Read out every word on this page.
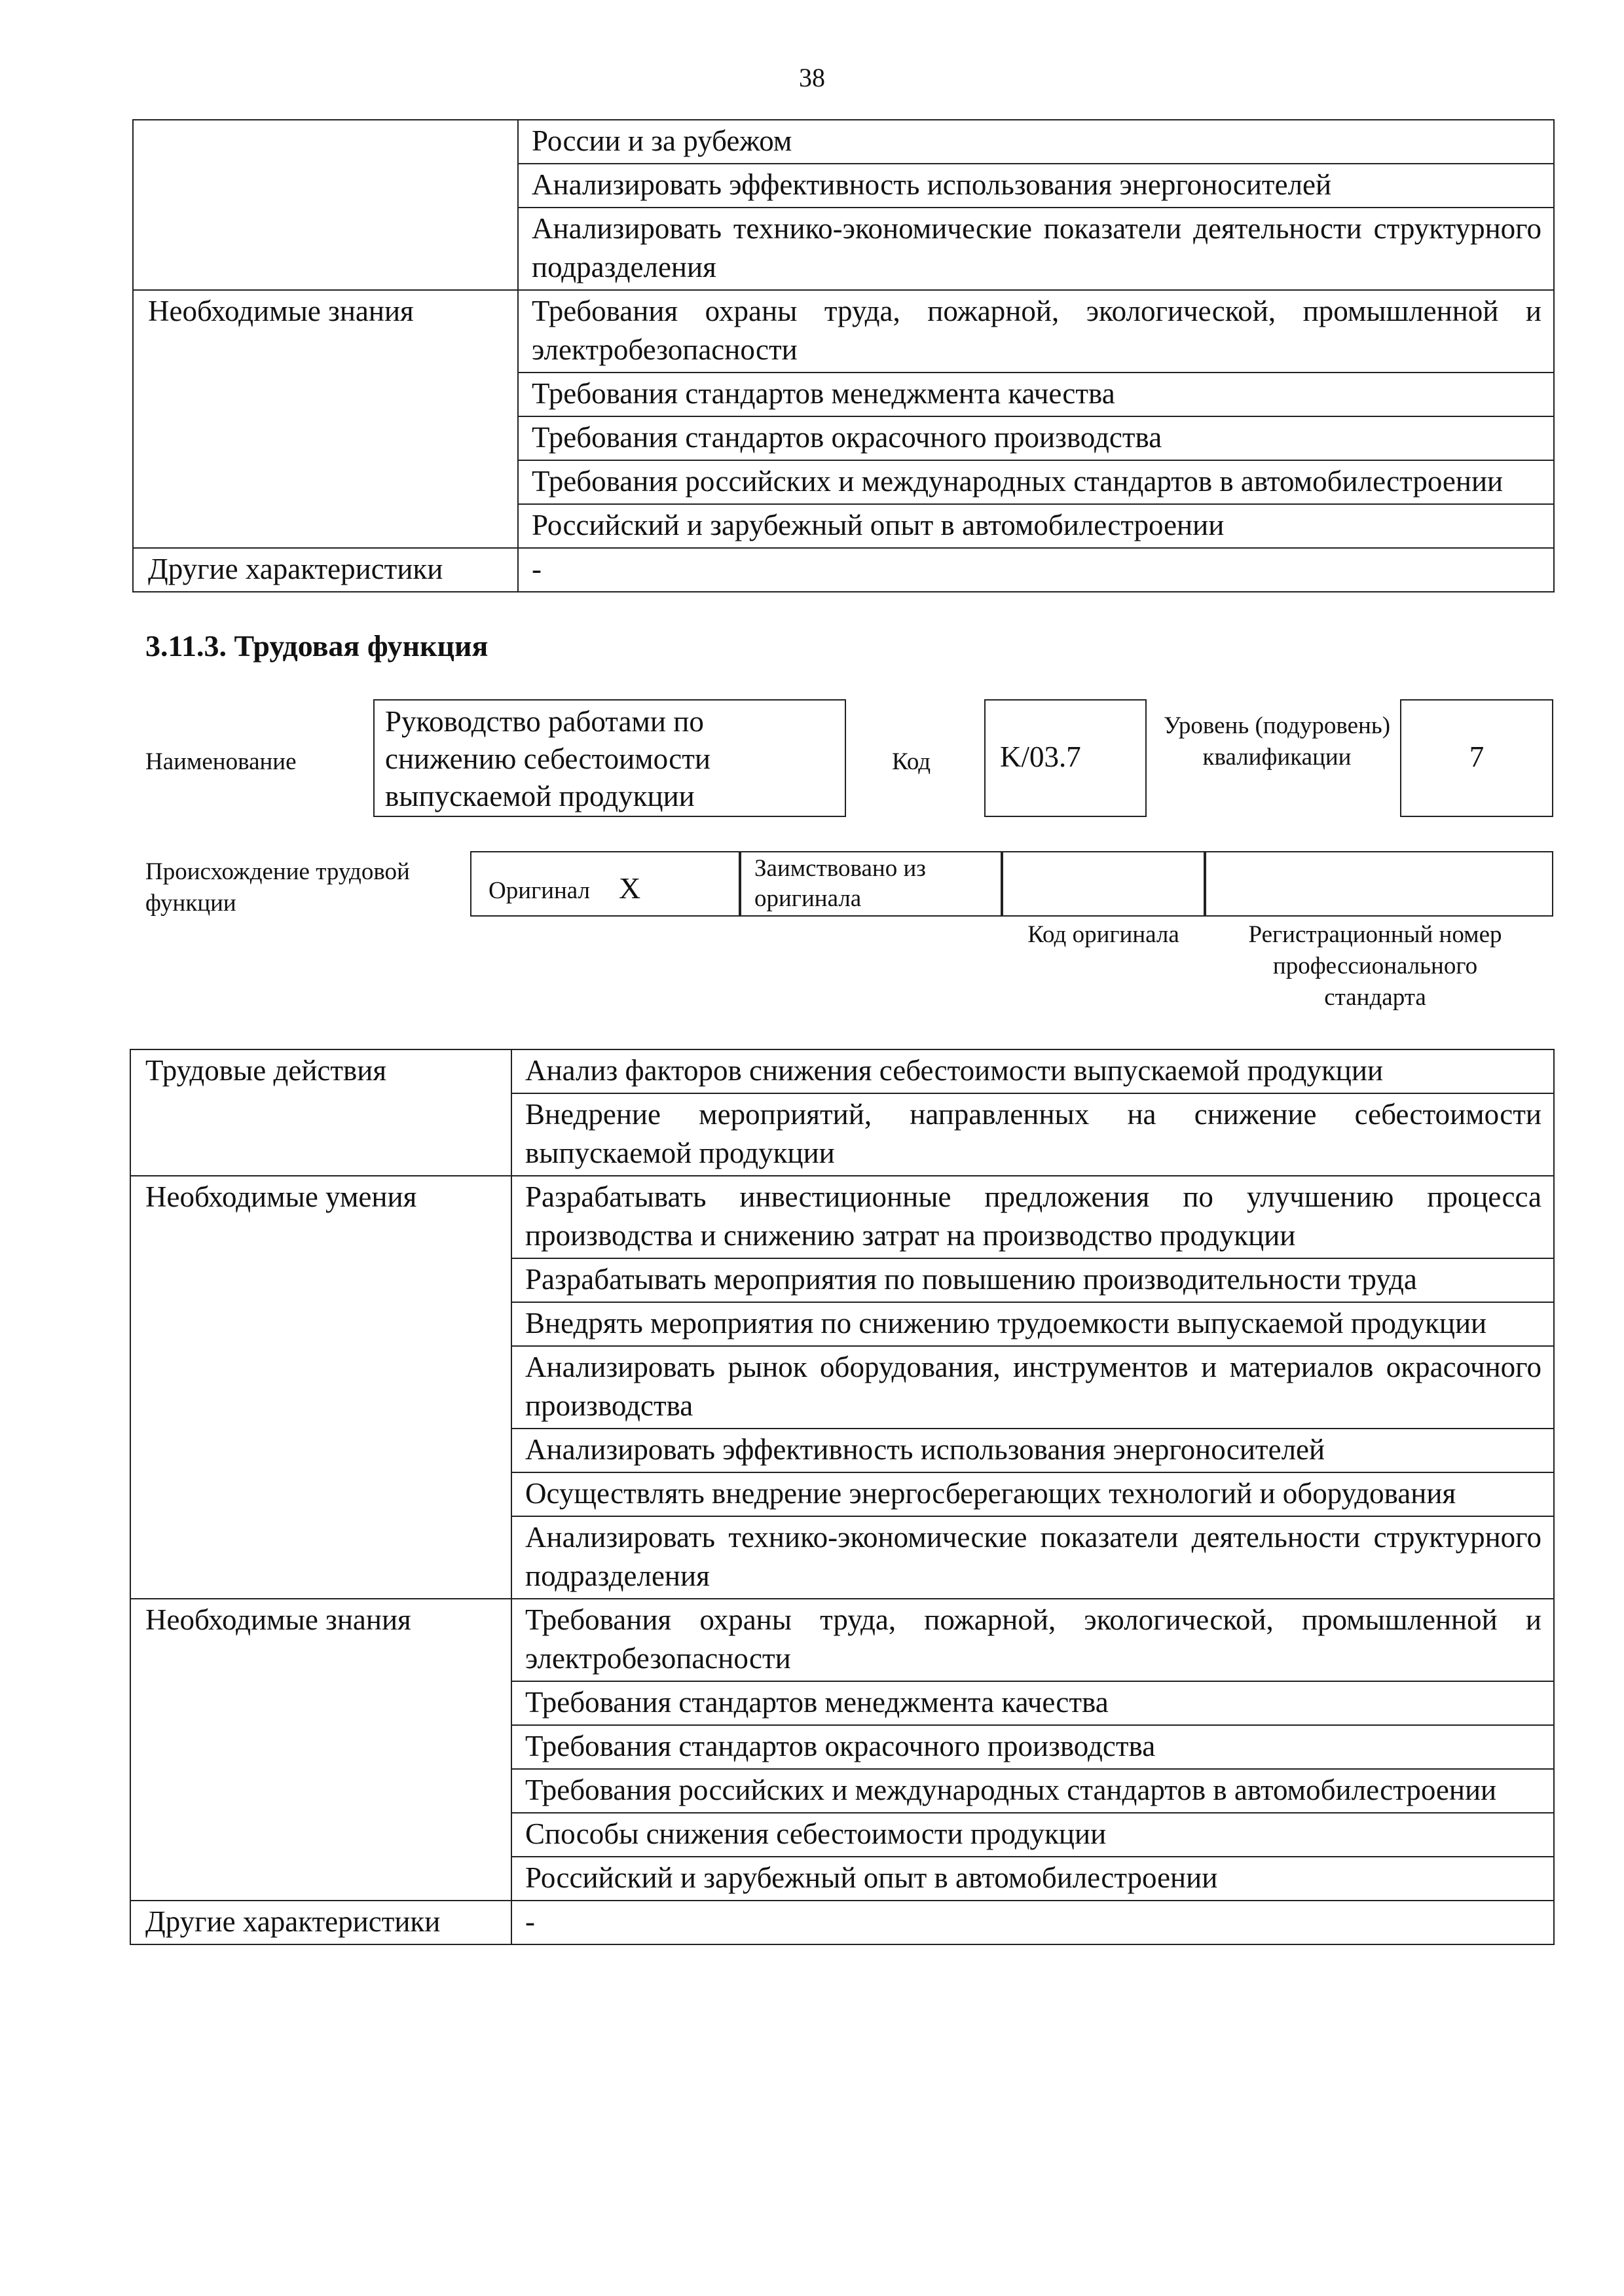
38
	России и за рубежом
	Анализировать эффективность использования энергоносителей
	Анализировать технико-экономические показатели деятельности структурного подразделения
Необходимые знания	Требования охраны труда, пожарной, экологической, промышленной и электробезопасности
	Требования стандартов менеджмента качества
	Требования стандартов окрасочного производства
	Требования российских и международных стандартов в автомобилестроении
	Российский и зарубежный опыт в автомобилестроении
Другие характеристики	-
3.11.3. Трудовая функция
Наименование
Руководство работами по снижению себестоимости выпускаемой продукции
Код	K/03.7
Уровень (подуровень) квалификации	7
Происхождение трудовой функции	Оригинал X
Заимствовано из оригинала
Код оригинала	Регистрационный номер профессионального стандарта
Трудовые действия	Анализ факторов снижения себестоимости выпускаемой продукции
	Внедрение мероприятий, направленных на снижение себестоимости выпускаемой продукции
Необходимые умения	Разрабатывать инвестиционные предложения по улучшению процесса производства и снижению затрат на производство продукции
	Разрабатывать мероприятия по повышению производительности труда
	Внедрять мероприятия по снижению трудоемкости выпускаемой продукции
	Анализировать рынок оборудования, инструментов и материалов окрасочного производства
	Анализировать эффективность использования энергоносителей
	Осуществлять внедрение энергосберегающих технологий и оборудования
	Анализировать технико-экономические показатели деятельности структурного подразделения
Необходимые знания	Требования охраны труда, пожарной, экологической, промышленной и электробезопасности
	Требования стандартов менеджмента качества
	Требования стандартов окрасочного производства
	Требования российских и международных стандартов в автомобилестроении
	Способы снижения себестоимости продукции
	Российский и зарубежный опыт в автомобилестроении
Другие характеристики	-
